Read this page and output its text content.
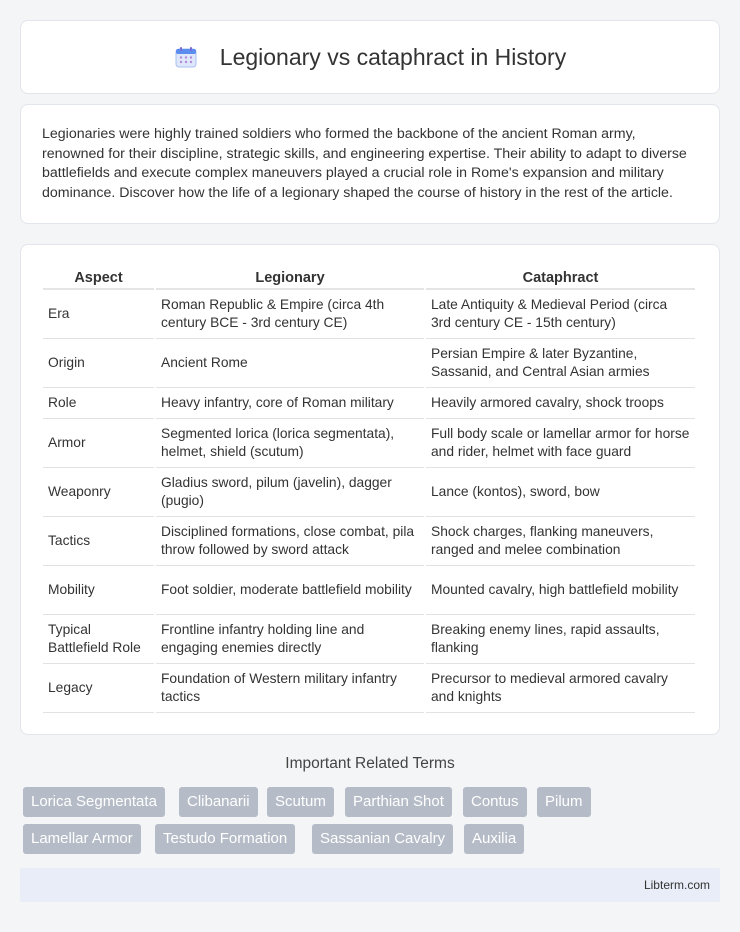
Legionary vs cataphract in History

Legionaries were highly trained soldiers who formed the backbone of the ancient Roman army, renowned for their discipline, strategic skills, and engineering expertise. Their ability to adapt to diverse battlefields and execute complex maneuvers played a crucial role in Rome's expansion and military dominance. Discover how the life of a legionary shaped the course of history in the rest of the article.

Aspect	Legionary	Cataphract
Era	Roman Republic & Empire (circa 4th century BCE - 3rd century CE)	Late Antiquity & Medieval Period (circa 3rd century CE - 15th century)
Origin	Ancient Rome	Persian Empire & later Byzantine, Sassanid, and Central Asian armies
Role	Heavy infantry, core of Roman military	Heavily armored cavalry, shock troops
Armor	Segmented lorica (lorica segmentata), helmet, shield (scutum)	Full body scale or lamellar armor for horse and rider, helmet with face guard
Weaponry	Gladius sword, pilum (javelin), dagger (pugio)	Lance (kontos), sword, bow
Tactics	Disciplined formations, close combat, pila throw followed by sword attack	Shock charges, flanking maneuvers, ranged and melee combination
Mobility	Foot soldier, moderate battlefield mobility	Mounted cavalry, high battlefield mobility
Typical Battlefield Role	Frontline infantry holding line and engaging enemies directly	Breaking enemy lines, rapid assaults, flanking
Legacy	Foundation of Western military infantry tactics	Precursor to medieval armored cavalry and knights
Important Related Terms
Lorica Segmentata	Clibanarii	Scutum	Parthian Shot	Contus	Pilum
Lamellar Armor	Testudo Formation	Sassanian Cavalry	Auxilia
Libterm.com
